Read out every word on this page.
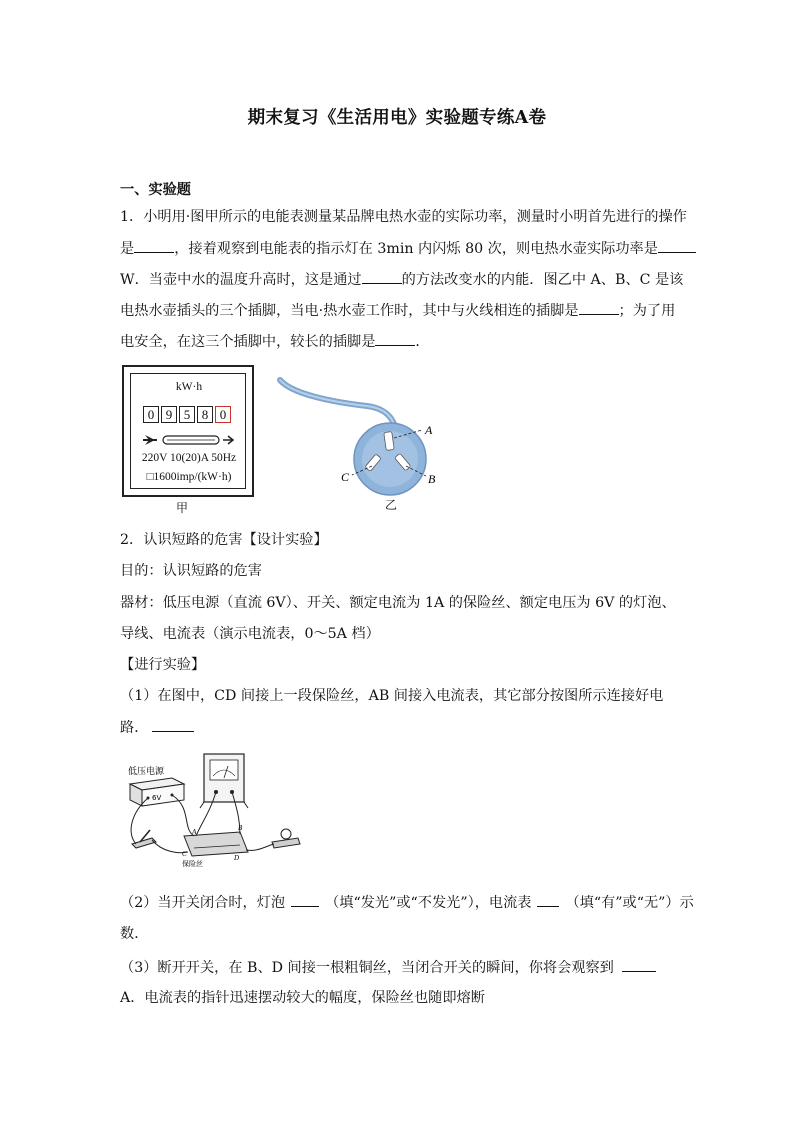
期末复习《生活用电》实验题专练A卷
一、实验题
1．小明用·图甲所示的电能表测量某品牌电热水壶的实际功率，测量时小明首先进行的操作
是	，接着观察到电能表的指示灯在 3min 内闪烁 80 次，则电热水壶实际功率是
W．当壶中水的温度升高时，这是通过	的方法改变水的内能．图乙中 A、B、C 是该
电热水壶插头的三个插脚，当电·热水壶工作时，其中与火线相连的插脚是	；为了用
电安全，在这三个插脚中，较长的插脚是	．
kW·h
0 9 5 8 0
220V 10(20)A 50Hz
□1600imp/(kW·h)
甲
A
C	B
乙
2．认识短路的危害【设计实验】
目的：认识短路的危害
器材：低压电源（直流 6V）、开关、额定电流为 1A 的保险丝、额定电压为 6V 的灯泡、
导线、电流表（演示电流表，0～5A 档）
【进行实验】
（1）在图中，CD 间接上一段保险丝，AB 间接入电流表，其它部分按图所示连接好电
路．
低压电源
6V
A	B
C	D
保险丝
（2）当开关闭合时，灯泡	（填“发光”或“不发光”），电流表 （填“有”或“无”）示
数．
（3）断开开关，在 B、D 间接一根粗铜丝，当闭合开关的瞬间，你将会观察到
A．电流表的指针迅速摆动较大的幅度，保险丝也随即熔断
